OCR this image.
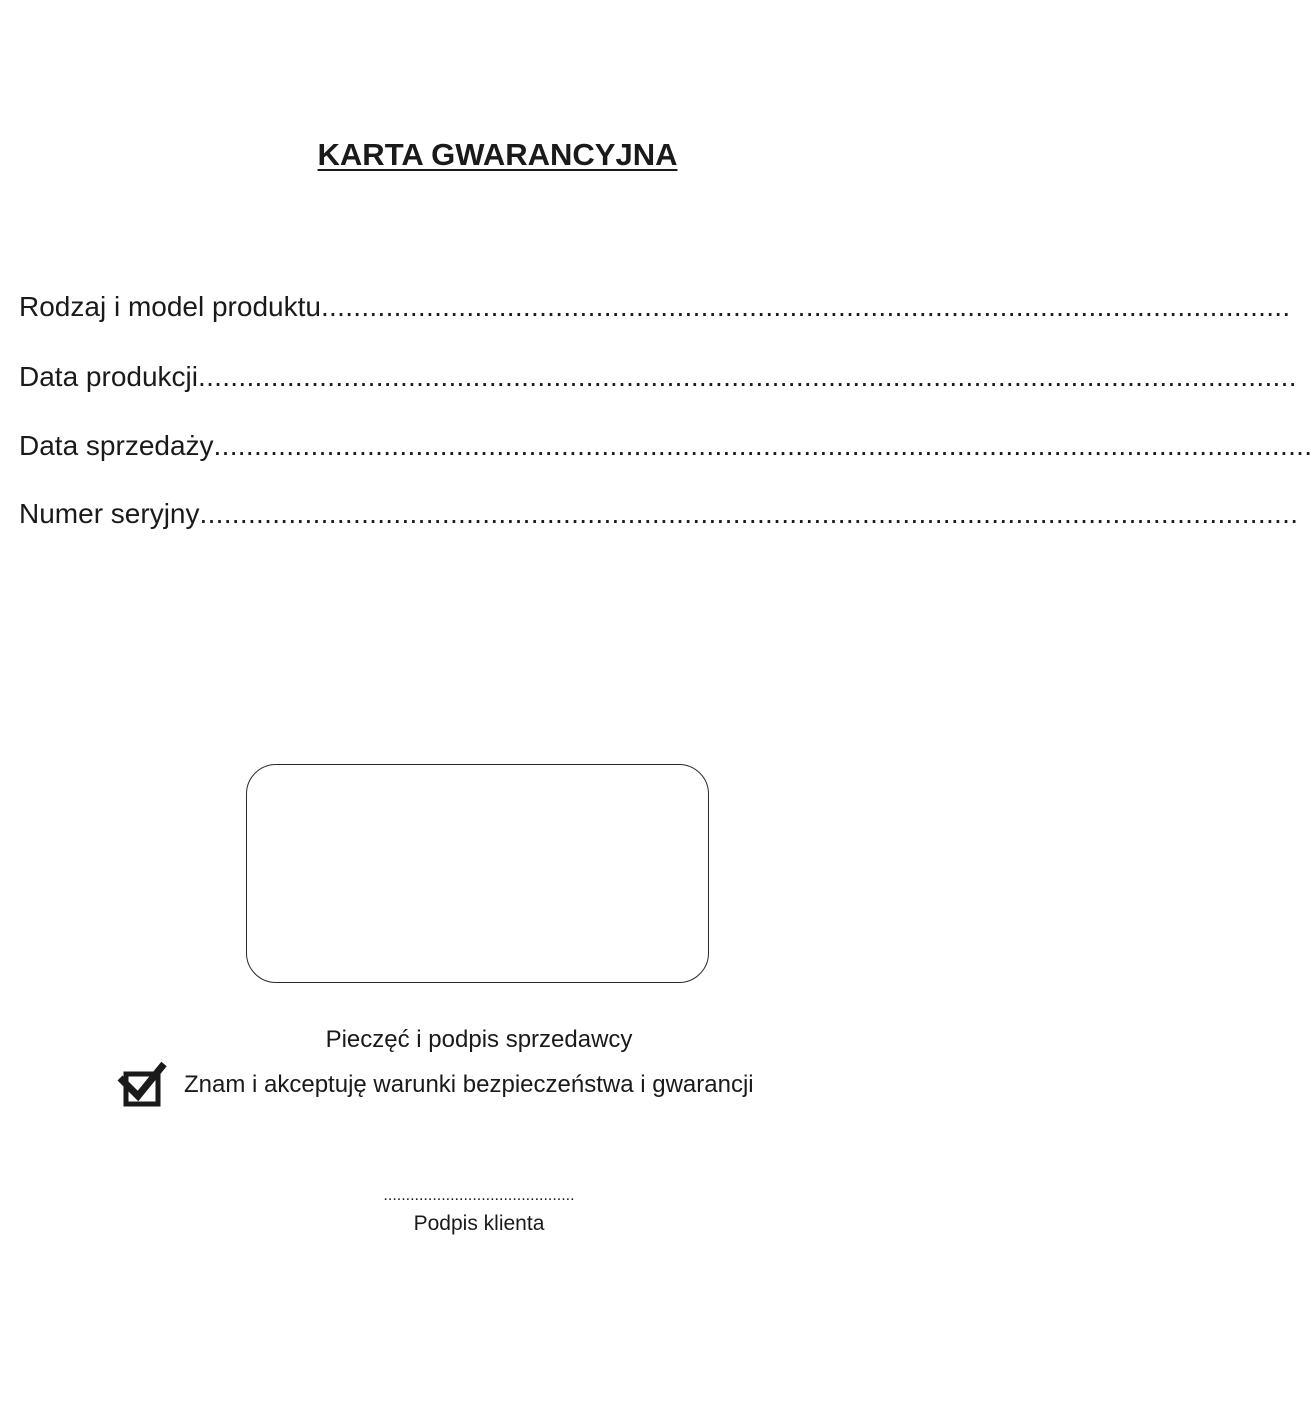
KARTA GWARANCYJNA
Rodzaj i model produktu ........................................................................................................................
Data produkcji ........................................................................................................................................
Data sprzedaży ........................................................................................................................................
Numer seryjny ........................................................................................................................................
Pieczęć i podpis sprzedawcy
Znam i akceptuję warunki bezpieczeństwa i gwarancji
...........................................
Podpis klienta
